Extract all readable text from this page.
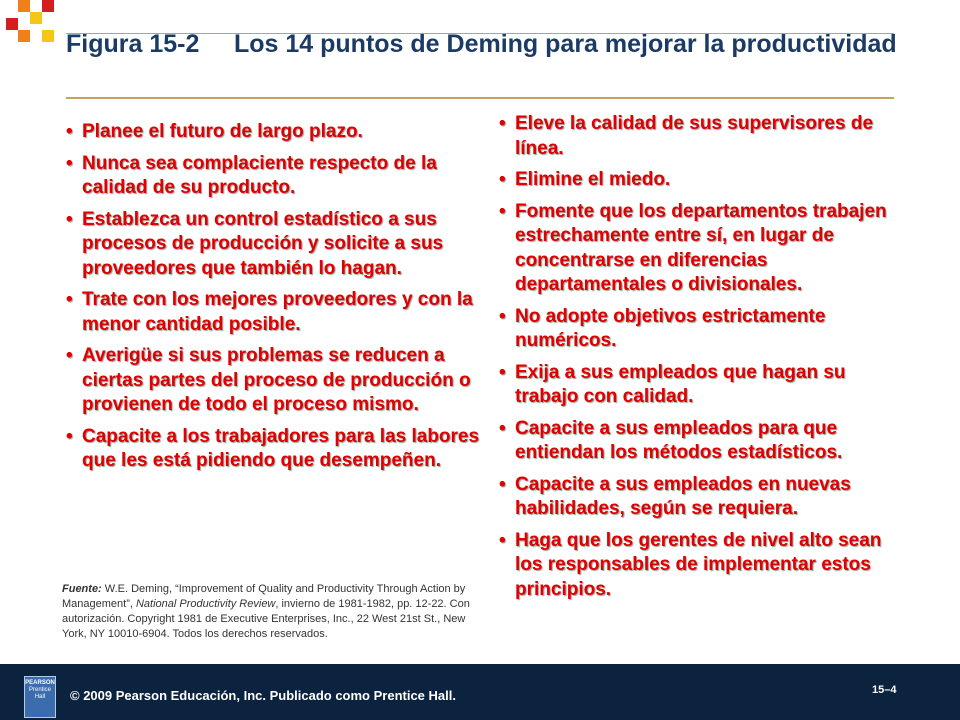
Figura 15-2 Los 14 puntos de Deming para mejorar la productividad
• Planee el futuro de largo plazo.
• Nunca sea complaciente respecto de la calidad de su producto.
• Establezca un control estadístico a sus procesos de producción y solicite a sus proveedores que también lo hagan.
• Trate con los mejores proveedores y con la menor cantidad posible.
• Averigüe si sus problemas se reducen a ciertas partes del proceso de producción o provienen de todo el proceso mismo.
• Capacite a los trabajadores para las labores que les está pidiendo que desempeñen.
• Eleve la calidad de sus supervisores de línea.
• Elimine el miedo.
• Fomente que los departamentos trabajen estrechamente entre sí, en lugar de concentrarse en diferencias departamentales o divisionales.
• No adopte objetivos estrictamente numéricos.
• Exija a sus empleados que hagan su trabajo con calidad.
• Capacite a sus empleados para que entiendan los métodos estadísticos.
• Capacite a sus empleados en nuevas habilidades, según se requiera.
• Haga que los gerentes de nivel alto sean los responsables de implementar estos principios.
Fuente: W.E. Deming, “Improvement of Quality and Productivity Through Action by Management”, National Productivity Review, invierno de 1981-1982, pp. 12-22. Con autorización. Copyright 1981 de Executive Enterprises, Inc., 22 West 21st St., New York, NY 10010-6904. Todos los derechos reservados.
PEARSON
Prentice
Hall	© 2009 Pearson Educación, Inc. Publicado como Prentice Hall.	15–4
